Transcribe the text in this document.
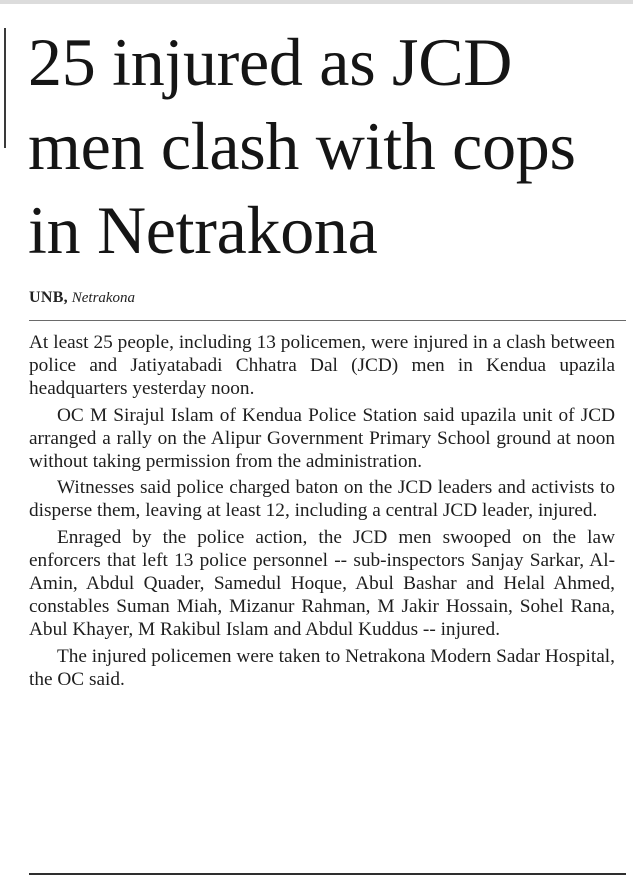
25 injured as JCD men clash with cops in Netrakona
UNB, Netrakona

At least 25 people, including 13 policemen, were injured in a clash between police and Jatiyatabadi Chhatra Dal (JCD) men in Kendua upazila headquarters yesterday noon.

OC M Sirajul Islam of Kendua Police Station said upazila unit of JCD arranged a rally on the Alipur Government Primary School ground at noon without taking permission from the administration.

Witnesses said police charged baton on the JCD leaders and activists to disperse them, leaving at least 12, including a central JCD leader, injured.

Enraged by the police action, the JCD men swooped on the law enforcers that left 13 police personnel -- sub-inspectors Sanjay Sarkar, Al-Amin, Abdul Quader, Samedul Hoque, Abul Bashar and Helal Ahmed, constables Suman Miah, Mizanur Rahman, M Jakir Hossain, Sohel Rana, Abul Khayer, M Rakibul Islam and Abdul Kuddus -- injured.

The injured policemen were taken to Netrakona Modern Sadar Hospital, the OC said.
